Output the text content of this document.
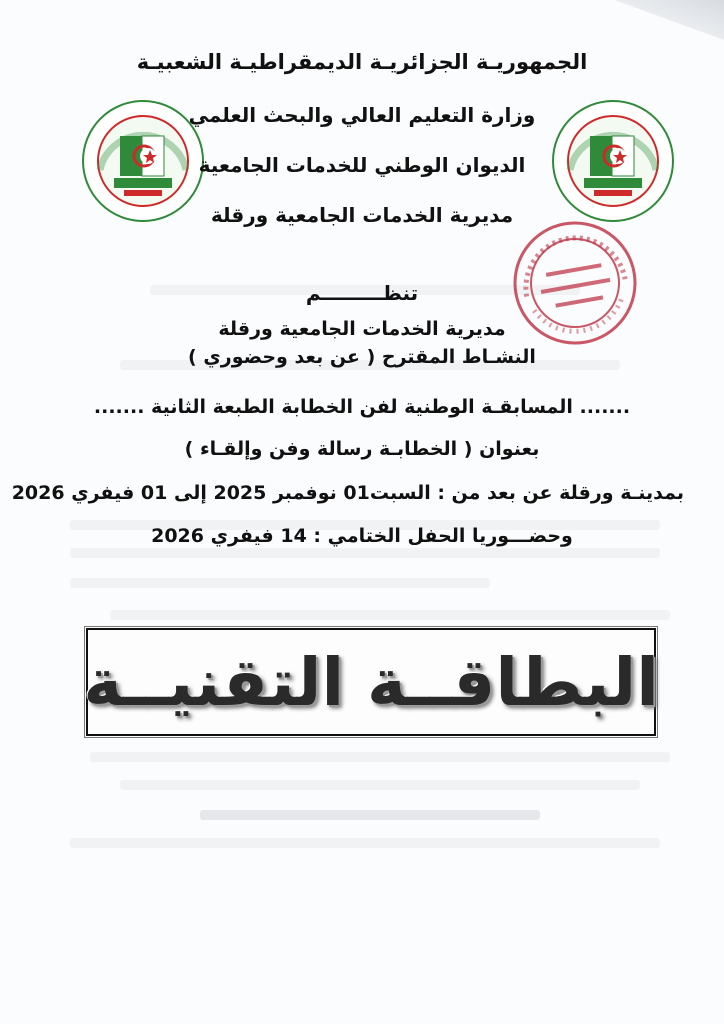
الجمهوريـة الجزائريـة الديمقراطيـة الشعبيـة
وزارة التعليم العالي والبحث العلمي
الديوان الوطني للخدمات الجامعية
مديرية الخدمات الجامعية ورقلة
تنظـــــــــم
مديرية الخدمات الجامعية ورقلة
النشـاط المقترح ( عن بعد وحضوري )
....... المسابقـة الوطنية لفن الخطابة الطبعة الثانية .......
بعنوان ( الخطابـة رسالة وفن وإلقـاء )
بمدينـة ورقلة عن بعد من : السبت01 نوفمبر 2025 إلى 01 فيفري 2026
وحضـــوريا الحفل الختامي : 14 فيفري 2026
البطاقــة التقنيــة
